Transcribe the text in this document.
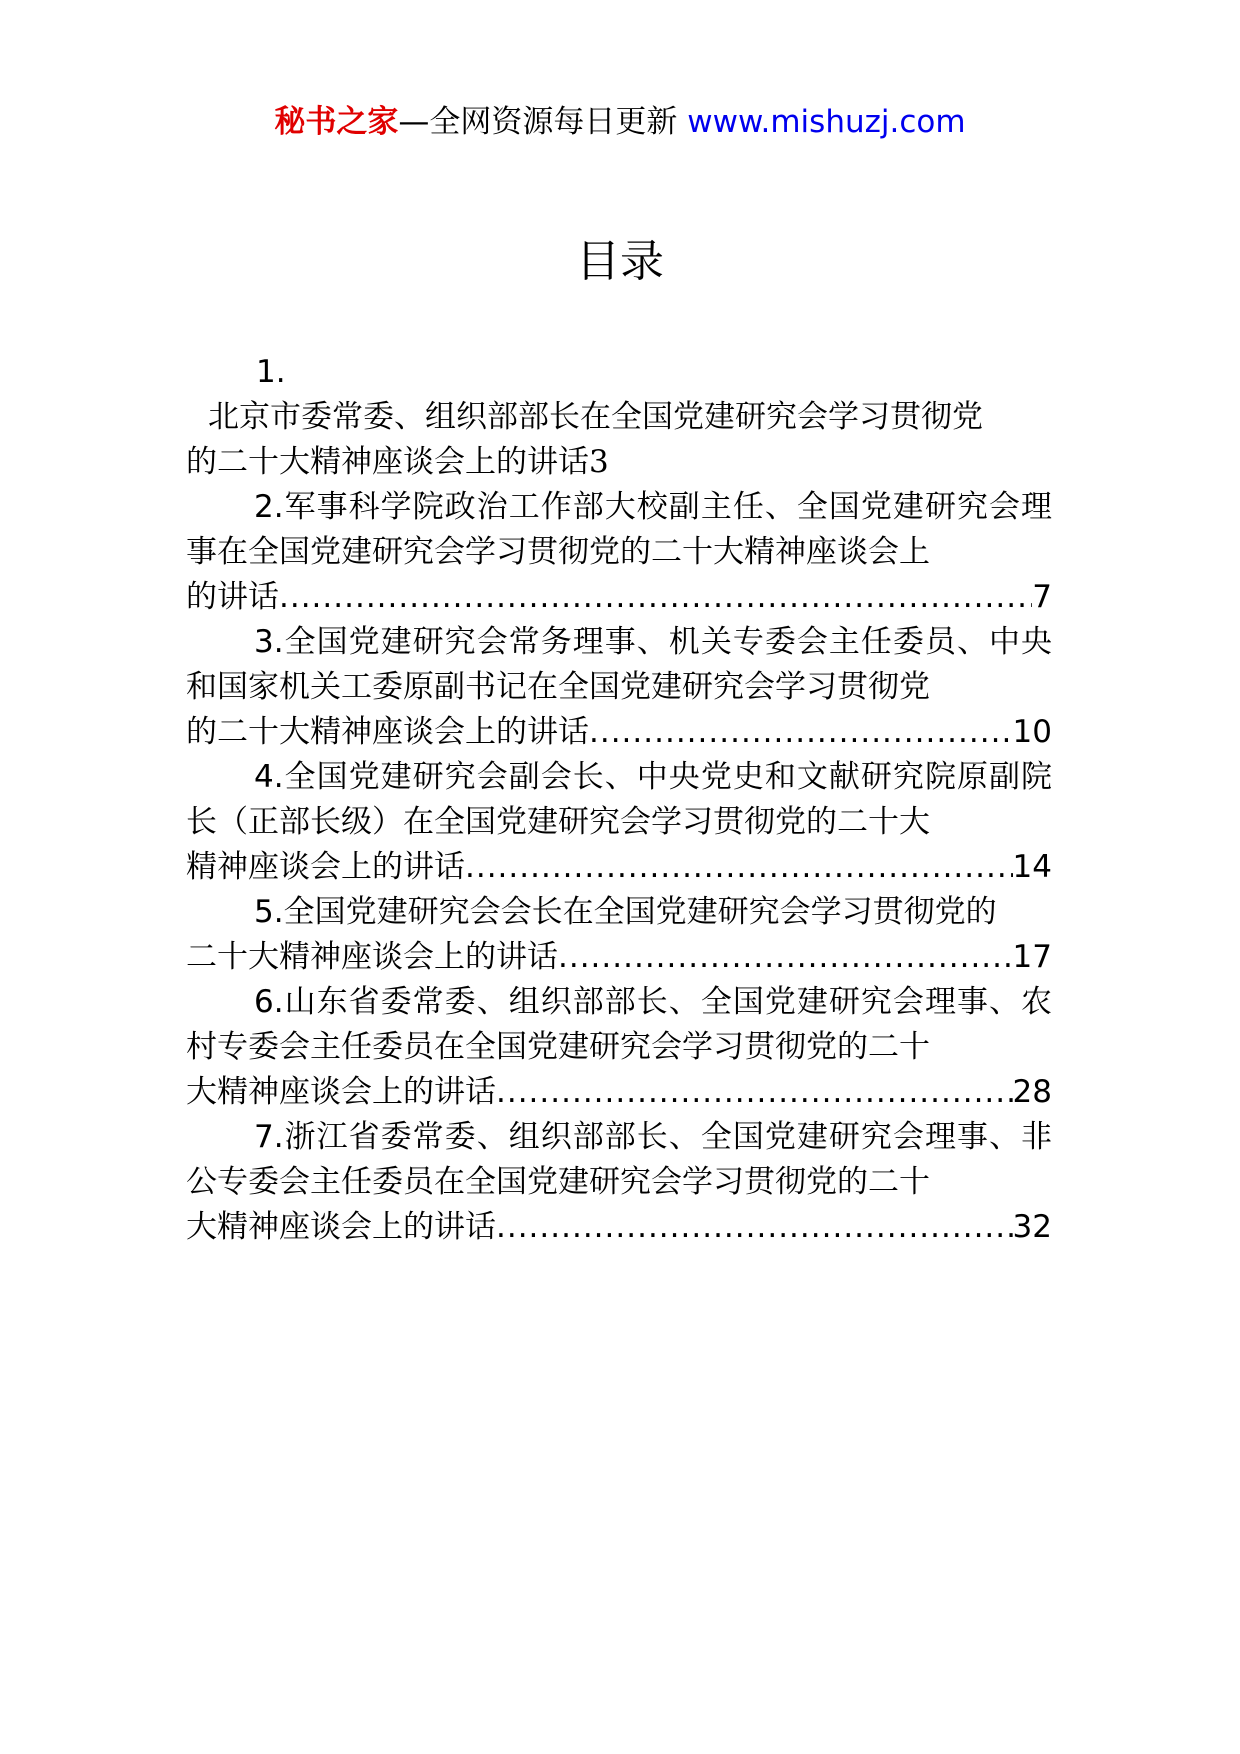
秘书之家—全网资源每日更新 www.mishuzj.com
目录
1.
北京市委常委、组织部部长在全国党建研究会学习贯彻党
的二十大精神座谈会上的讲话3
2.军事科学院政治工作部大校副主任、全国党建研究会理事在全国党建研究会学习贯彻党的二十大精神座谈会上
的讲话 .....	7
3.全国党建研究会常务理事、机关专委会主任委员、中央和国家机关工委原副书记在全国党建研究会学习贯彻党
的二十大精神座谈会上的讲话 .....	10
4.全国党建研究会副会长、中央党史和文献研究院原副院长（正部长级）在全国党建研究会学习贯彻党的二十大
精神座谈会上的讲话 .....	14
5.全国党建研究会会长在全国党建研究会学习贯彻党的
二十大精神座谈会上的讲话 .....	17
6.山东省委常委、组织部部长、全国党建研究会理事、农村专委会主任委员在全国党建研究会学习贯彻党的二十
大精神座谈会上的讲话 .....	28
7.浙江省委常委、组织部部长、全国党建研究会理事、非公专委会主任委员在全国党建研究会学习贯彻党的二十
大精神座谈会上的讲话 .....	32
